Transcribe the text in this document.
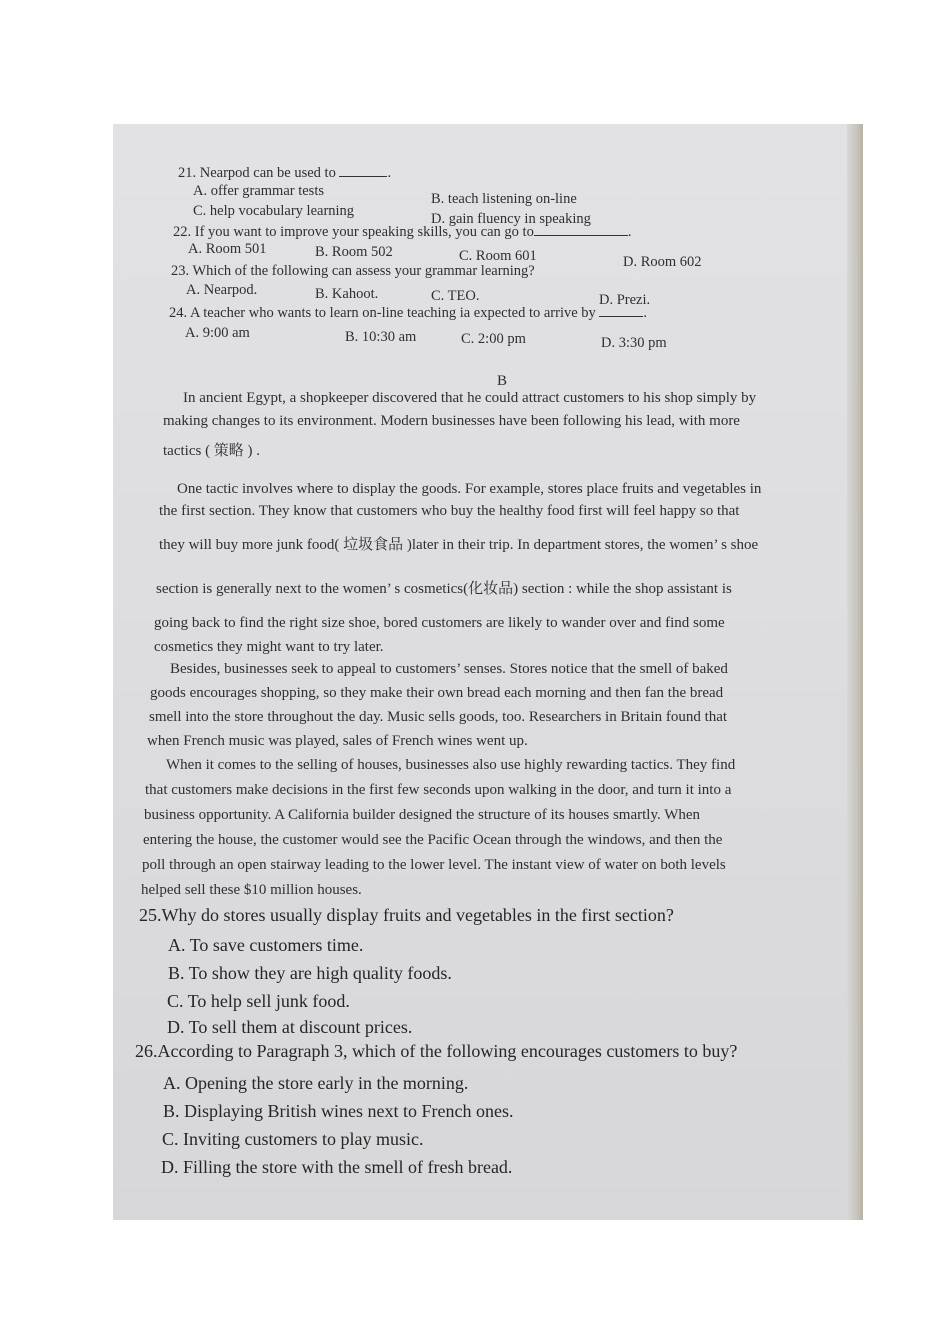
21. Nearpod can be used to	.
A. offer grammar tests	B. teach listening on-line
C. help vocabulary learning	D. gain fluency in speaking
22. If you want to improve your speaking skills, you can go to	.
A. Room 501	B. Room 502	C. Room 601	D. Room 602
23. Which of the following can assess your grammar learning?
A. Nearpod.	B. Kahoot.	C. TEO.	D. Prezi.
24. A teacher who wants to learn on-line teaching ia expected to arrive by	.
A. 9:00 am	B. 10:30 am	C. 2:00 pm	D. 3:30 pm
B
In ancient Egypt, a shopkeeper discovered that he could attract customers to his shop simply by
making changes to its environment. Modern businesses have been following his lead, with more
tactics ( 策略 ) .
One tactic involves where to display the goods. For example, stores place fruits and vegetables in
the first section. They know that customers who buy the healthy food first will feel happy so that
they will buy more junk food( 垃圾食品 )later in their trip. In department stores, the women’ s shoe
section is generally next to the women’ s cosmetics(化妆品) section : while the shop assistant is
going back to find the right size shoe, bored customers are likely to wander over and find some
cosmetics they might want to try later.
Besides, businesses seek to appeal to customers’ senses. Stores notice that the smell of baked
goods encourages shopping, so they make their own bread each morning and then fan the bread
smell into the store throughout the day. Music sells goods, too. Researchers in Britain found that
when French music was played, sales of French wines went up.
When it comes to the selling of houses, businesses also use highly rewarding tactics. They find
that customers make decisions in the first few seconds upon walking in the door, and turn it into a
business opportunity. A California builder designed the structure of its houses smartly. When
entering the house, the customer would see the Pacific Ocean through the windows, and then the
poll through an open stairway leading to the lower level. The instant view of water on both levels
helped sell these $10 million houses.
25.Why do stores usually display fruits and vegetables in the first section?
A. To save customers time.
B. To show they are high quality foods.
C. To help sell junk food.
D. To sell them at discount prices.
26.According to Paragraph 3, which of the following encourages customers to buy?
A. Opening the store early in the morning.
B. Displaying British wines next to French ones.
C. Inviting customers to play music.
D. Filling the store with the smell of fresh bread.
